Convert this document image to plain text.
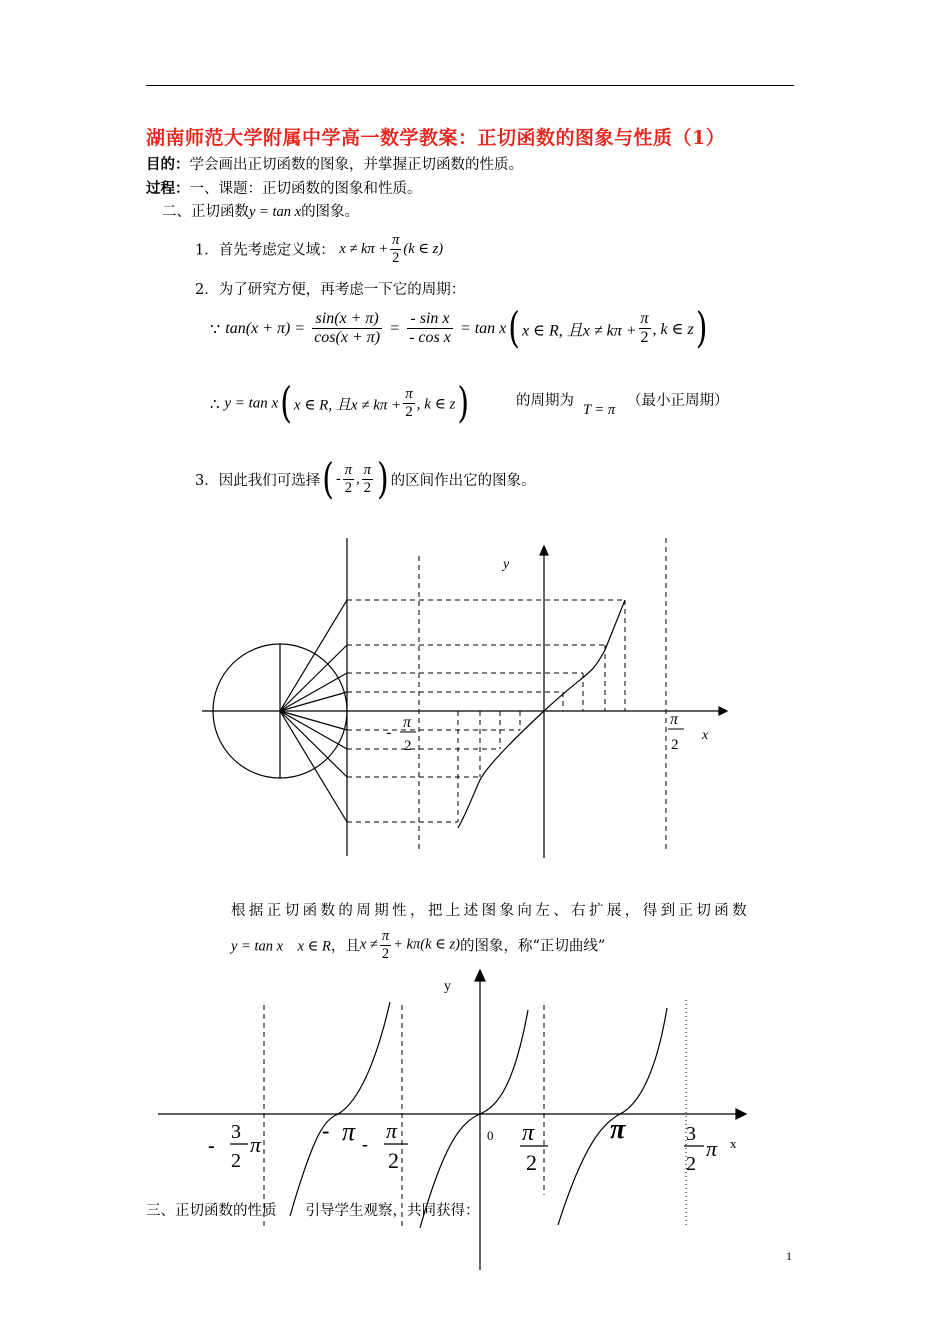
湖南师范大学附属中学高一数学教案：正切函数的图象与性质（1）
目的：学会画出正切函数的图象，并掌握正切函数的性质。
过程：一、课题：正切函数的图象和性质。
二、正切函数y = tan x的图象。
1．首先考虑定义域： $x \ne k\pi + \frac{\pi}{2} (k$ ∈ z)
2．为了研究方便，再考虑一下它的周期：
∵ $\tan(x + \pi) = \frac{\sin(x + \pi)}{\cos(x + \pi)} = \frac{\text{- sin x}}{\text{- cos x}} = \tan x$( x ∈ R, 且$x \ne k\pi + \frac{\pi}{2}$ , k ∈ z)
∴ y = tan x( x ∈ R, 且$x \ne k\pi + \frac{\pi}{2}$ , k ∈ z)	的周期为
T = π
（最小正周期）
3．因此我们可选择( - $\frac{\pi}{2}$ , $\frac{\pi}{2}$ ) 的区间作出它的图象。
y
x
-
π
2
π
2
根据正切函数的周期性，把上述图象向左、右扩展，得到正切函数
y = tan x　x ∈ R，且$x \ne \frac{\pi}{2} + k\pi(k$ ∈ z)的图象，称“正切曲线”
y
x
0
-
3
2
π
- π -
π
2
π
2
π	3
2
π
三、正切函数的性质　　引导学生观察，共同获得：
1
